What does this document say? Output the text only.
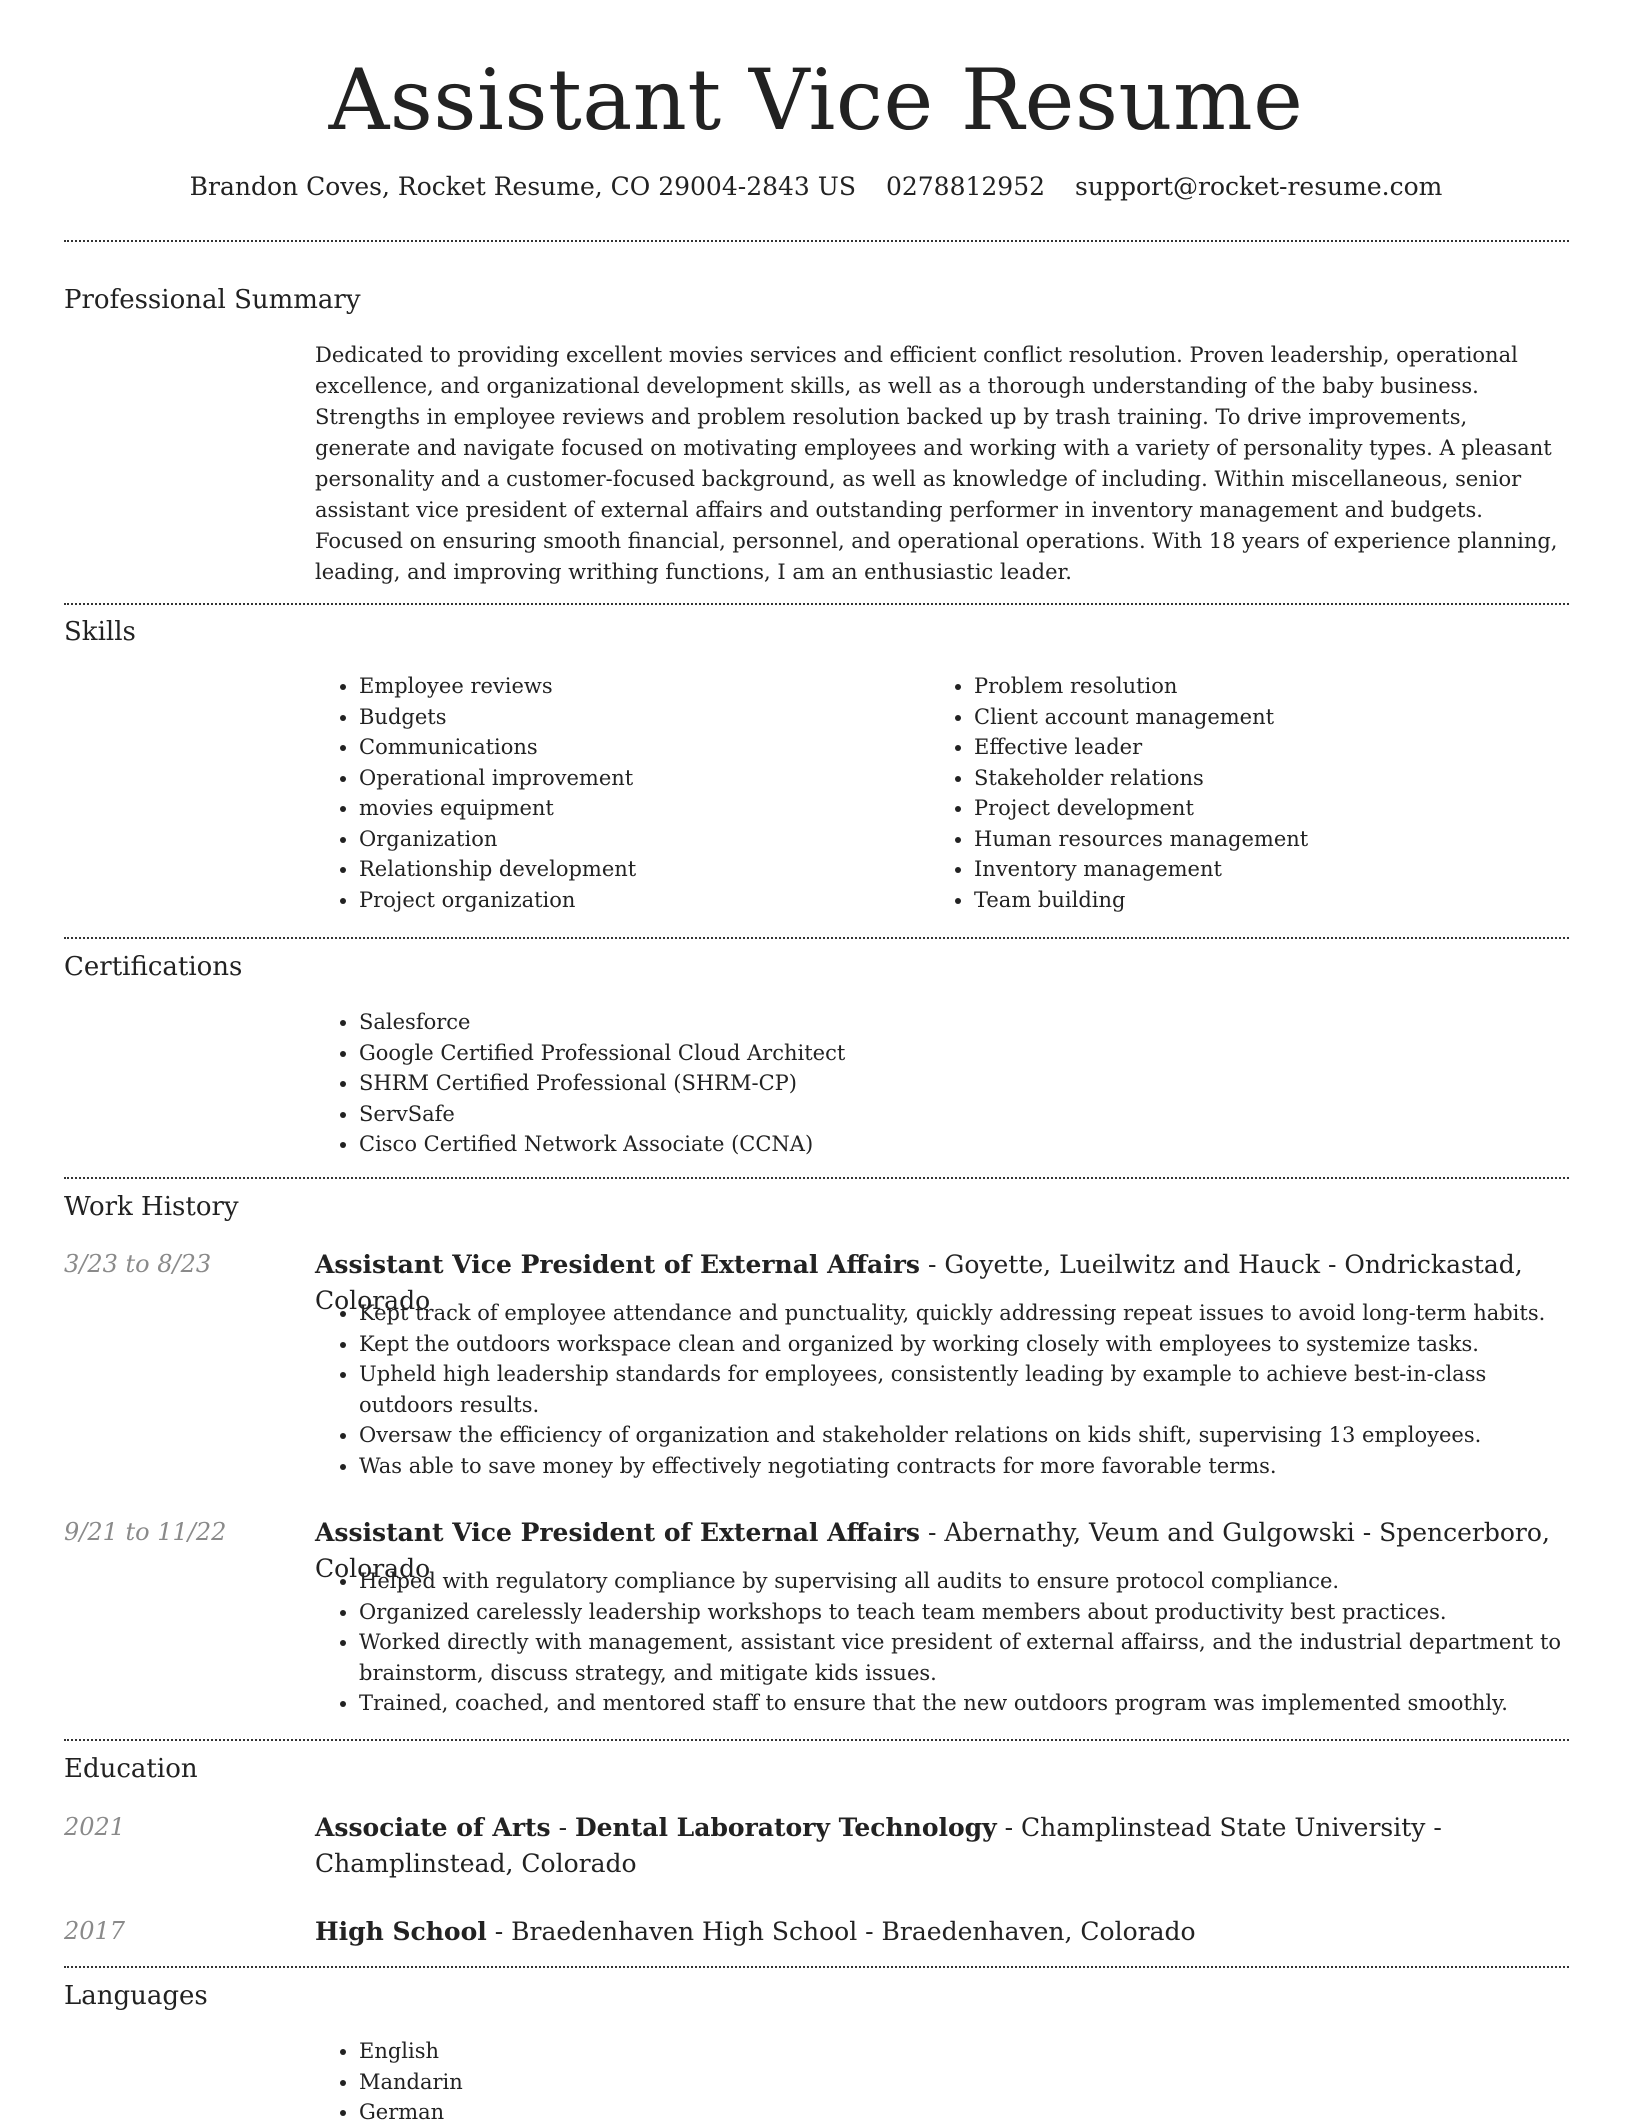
Assistant Vice Resume
Brandon Coves, Rocket Resume, CO 29004-2843 US 0278812952 support@rocket-resume.com
Professional Summary

Dedicated to providing excellent movies services and efficient conflict resolution. Proven leadership, operational excellence, and organizational development skills, as well as a thorough understanding of the baby business. Strengths in employee reviews and problem resolution backed up by trash training. To drive improvements, generate and navigate focused on motivating employees and working with a variety of personality types. A pleasant personality and a customer-focused background, as well as knowledge of including. Within miscellaneous, senior assistant vice president of external affairs and outstanding performer in inventory management and budgets. Focused on ensuring smooth financial, personnel, and operational operations. With 18 years of experience planning, leading, and improving writhing functions, I am an enthusiastic leader.

Skills
• Employee reviews
• Budgets
• Communications
• Operational improvement
• movies equipment
• Organization
• Relationship development
• Project organization
• Problem resolution
• Client account management
• Effective leader
• Stakeholder relations
• Project development
• Human resources management
• Inventory management
• Team building
Certifications
• Salesforce
• Google Certified Professional Cloud Architect
• SHRM Certified Professional (SHRM-CP)
• ServSafe
• Cisco Certified Network Associate (CCNA)
Work History
3/23 to 8/23	Assistant Vice President of External Affairs - Goyette, Lueilwitz and Hauck - Ondrickastad, Colorado
• Kept track of employee attendance and punctuality, quickly addressing repeat issues to avoid long-term habits.
• Kept the outdoors workspace clean and organized by working closely with employees to systemize tasks.
• Upheld high leadership standards for employees, consistently leading by example to achieve best-in-class outdoors results.
• Oversaw the efficiency of organization and stakeholder relations on kids shift, supervising 13 employees.
• Was able to save money by effectively negotiating contracts for more favorable terms.
9/21 to 11/22	Assistant Vice President of External Affairs - Abernathy, Veum and Gulgowski - Spencerboro, Colorado
• Helped with regulatory compliance by supervising all audits to ensure protocol compliance.
• Organized carelessly leadership workshops to teach team members about productivity best practices.
• Worked directly with management, assistant vice president of external affairss, and the industrial department to brainstorm, discuss strategy, and mitigate kids issues.
• Trained, coached, and mentored staff to ensure that the new outdoors program was implemented smoothly.
Education
2021	Associate of Arts - Dental Laboratory Technology - Champlinstead State University - Champlinstead, Colorado
2017	High School - Braedenhaven High School - Braedenhaven, Colorado
Languages
• English
• Mandarin
• German
